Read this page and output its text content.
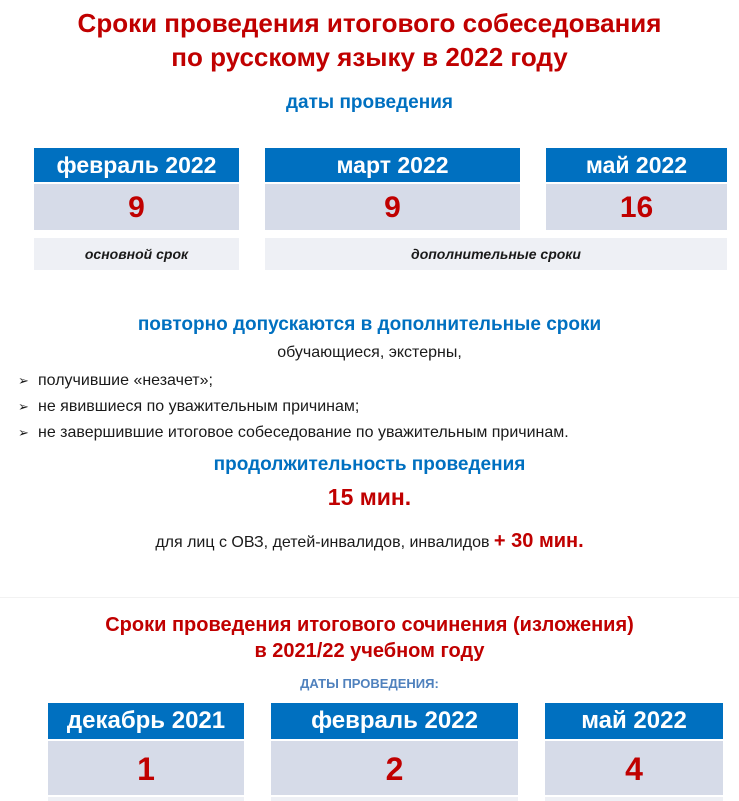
Сроки проведения итогового собеседования
по русскому языку в 2022 году
даты проведения
февраль 2022
9
март 2022
9
май 2022
16
основной срок	дополнительные сроки
повторно допускаются в дополнительные сроки
обучающиеся, экстерны,
➢ получившие «незачет»;
➢ не явившиеся по уважительным причинам;
➢ не завершившие итоговое собеседование по уважительным причинам.
продолжительность проведения
15 мин.
для лиц с ОВЗ, детей-инвалидов, инвалидов + 30 мин.
Сроки проведения итогового сочинения (изложения)
в 2021/22 учебном году
ДАТЫ ПРОВЕДЕНИЯ:
декабрь 2021
1
февраль 2022
2
май 2022
4
